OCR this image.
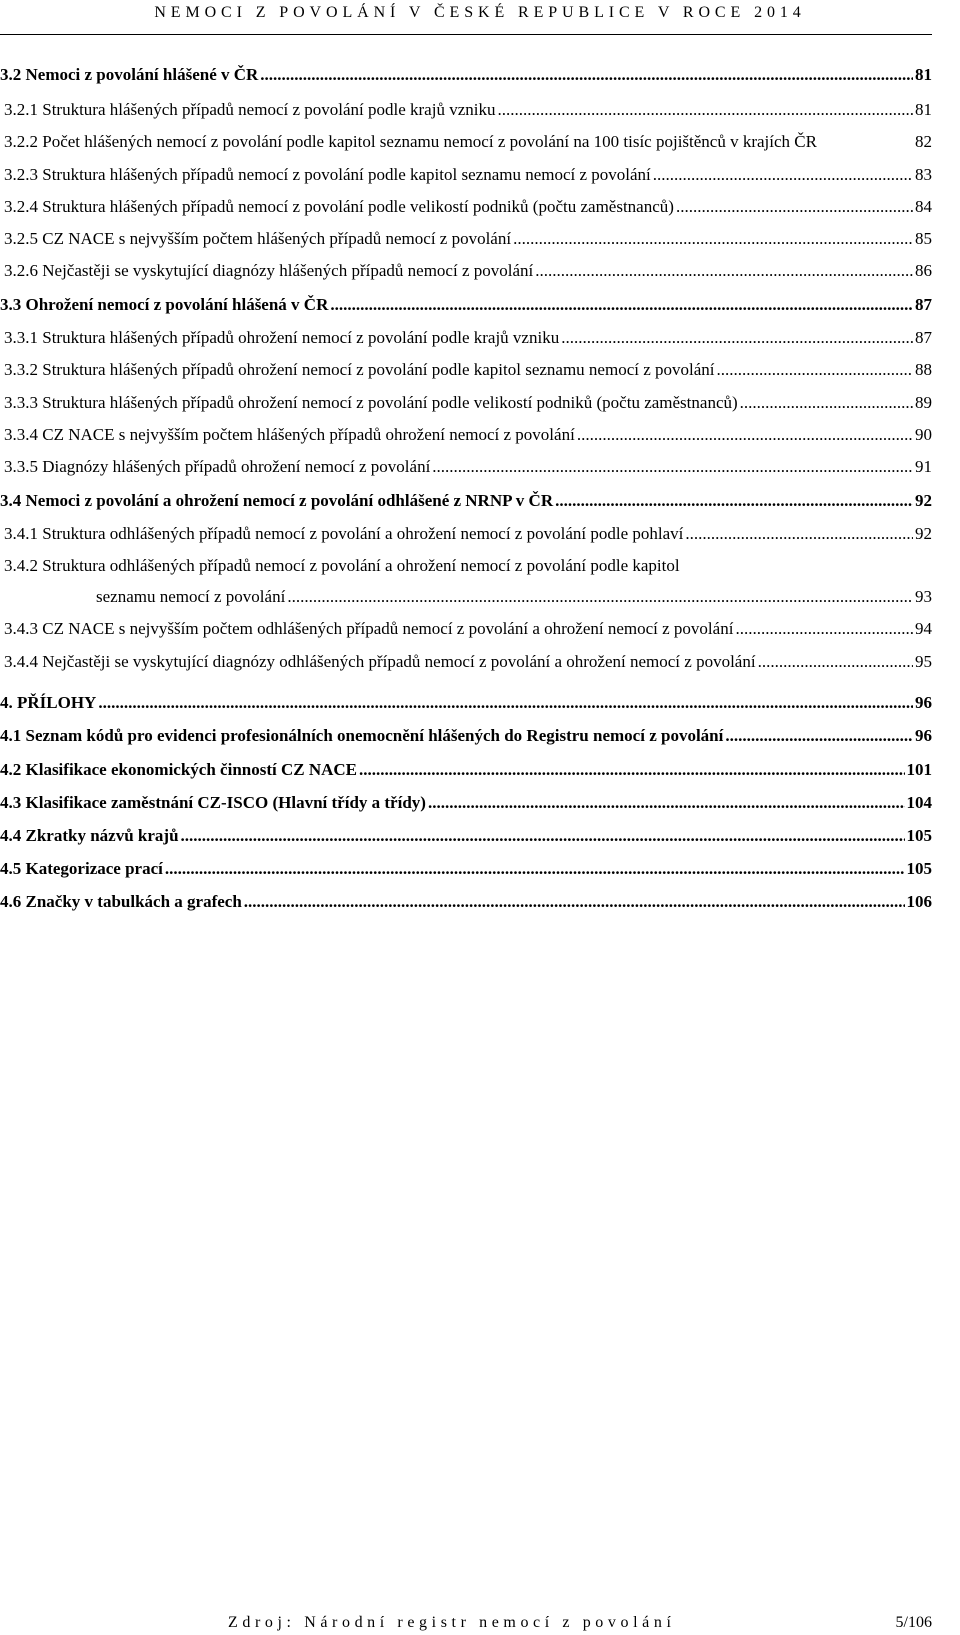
NEMOCI Z POVOLÁNÍ V ČESKÉ REPUBLICE V ROCE 2014
3.2 Nemoci z povolání hlášené v ČR .....	81
3.2.1 Struktura hlášených případů nemocí z povolání podle krajů vzniku .....	81
3.2.2 Počet hlášených nemocí z povolání podle kapitol seznamu nemocí z povolání na 100 tisíc pojištěnců v krajích ČR	82
3.2.3 Struktura hlášených případů nemocí z povolání podle kapitol seznamu nemocí z povolání .....	83
3.2.4 Struktura hlášených případů nemocí z povolání podle velikostí podniků (počtu zaměstnanců) .....	84
3.2.5 CZ NACE s nejvyšším počtem hlášených případů nemocí z povolání .....	85
3.2.6 Nejčastěji se vyskytující diagnózy hlášených případů nemocí z povolání .....	86
3.3 Ohrožení nemocí z povolání hlášená v ČR .....	87
3.3.1 Struktura hlášených případů ohrožení nemocí z povolání podle krajů vzniku .....	87
3.3.2 Struktura hlášených případů ohrožení nemocí z povolání podle kapitol seznamu nemocí z povolání .....	88
3.3.3 Struktura hlášených případů ohrožení nemocí z povolání podle velikostí podniků (počtu zaměstnanců) .....	89
3.3.4 CZ NACE s nejvyšším počtem hlášených případů ohrožení nemocí z povolání .....	90
3.3.5 Diagnózy hlášených případů ohrožení nemocí z povolání .....	91
3.4 Nemoci z povolání a ohrožení nemocí z povolání odhlášené z NRNP v ČR .....	92
3.4.1 Struktura odhlášených případů nemocí z povolání a ohrožení nemocí z povolání podle pohlaví .....	92
3.4.2 Struktura odhlášených případů nemocí z povolání a ohrožení nemocí z povolání podle kapitol
seznamu nemocí z povolání .....	93
3.4.3 CZ NACE s nejvyšším počtem odhlášených případů nemocí z povolání a ohrožení nemocí z povolání .....	94
3.4.4 Nejčastěji se vyskytující diagnózy odhlášených případů nemocí z povolání a ohrožení nemocí z povolání .....	95
4. PŘÍLOHY .....	96
4.1 Seznam kódů pro evidenci profesionálních onemocnění hlášených do Registru nemocí z povolání .....	96
4.2 Klasifikace ekonomických činností CZ NACE .....	101
4.3 Klasifikace zaměstnání CZ-ISCO (Hlavní třídy a třídy) .....	104
4.4 Zkratky názvů krajů .....	105
4.5 Kategorizace prací .....	105
4.6 Značky v tabulkách a grafech .....	106
Zdroj: Národní registr nemocí z povolání	5/106
